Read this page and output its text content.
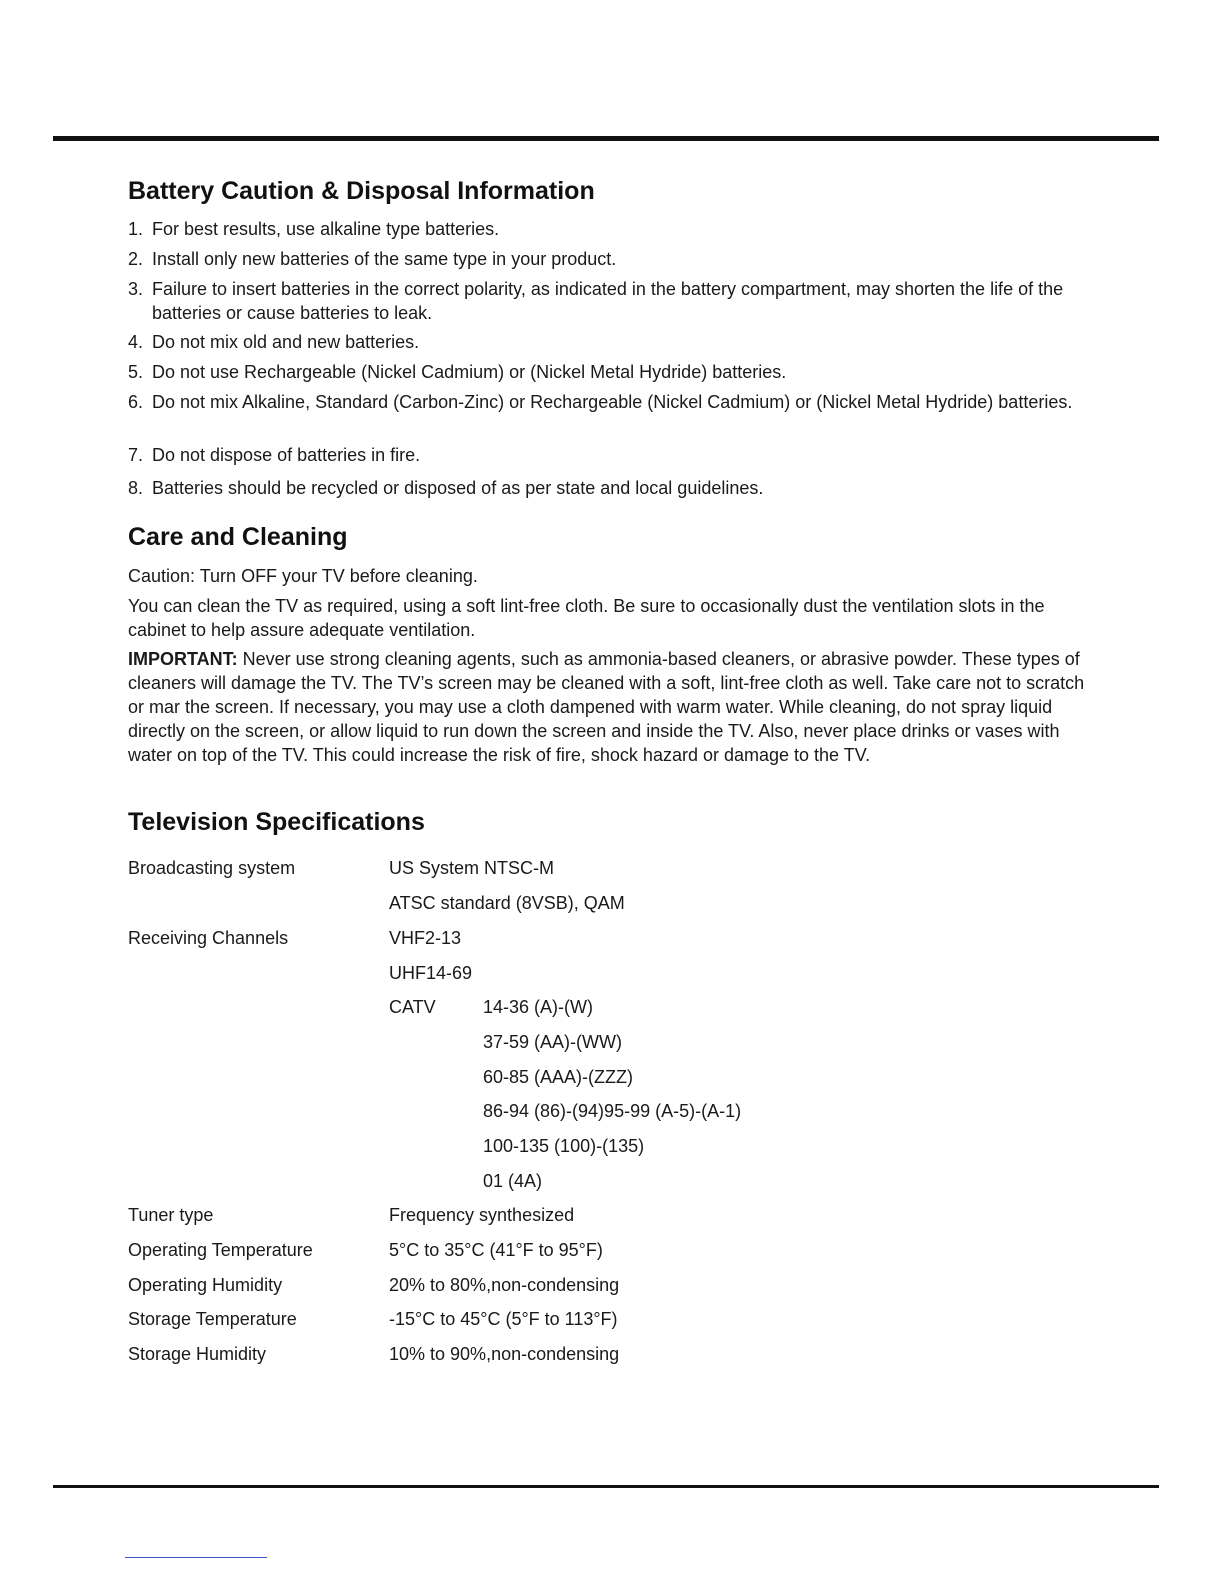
Battery Caution & Disposal Information
1. For best results, use alkaline type batteries.
2. Install only new batteries of the same type in your product.
3. Failure to insert batteries in the correct polarity, as indicated in the battery compartment, may shorten the life of the batteries or cause batteries to leak.
4. Do not mix old and new batteries.
5. Do not use Rechargeable (Nickel Cadmium) or (Nickel Metal Hydride) batteries.
6. Do not mix Alkaline, Standard (Carbon-Zinc) or Rechargeable (Nickel Cadmium) or (Nickel Metal Hydride) batteries.
7. Do not dispose of batteries in fire.
8. Batteries should be recycled or disposed of as per state and local guidelines.
Care and Cleaning
Caution: Turn OFF your TV before cleaning.
You can clean the TV as required, using a soft lint-free cloth. Be sure to occasionally dust the ventilation slots in the cabinet to help assure adequate ventilation.
IMPORTANT: Never use strong cleaning agents, such as ammonia-based cleaners, or abrasive powder. These types of cleaners will damage the TV. The TV’s screen may be cleaned with a soft, lint-free cloth as well. Take care not to scratch or mar the screen. If necessary, you may use a cloth dampened with warm water. While cleaning, do not spray liquid directly on the screen, or allow liquid to run down the screen and inside the TV. Also, never place drinks or vases with water on top of the TV. This could increase the risk of fire, shock hazard or damage to the TV.
Television Specifications
Broadcasting system	US System NTSC-M
ATSC standard (8VSB), QAM
Receiving Channels	VHF2-13
UHF14-69
CATV	14-36 (A)-(W)
37-59 (AA)-(WW)
60-85 (AAA)-(ZZZ)
86-94 (86)-(94)95-99 (A-5)-(A-1)
100-135 (100)-(135)
01 (4A)
Tuner type	Frequency synthesized
Operating Temperature	5°C to 35°C (41°F to 95°F)
Operating Humidity	20% to 80%,non-condensing
Storage Temperature	-15°C to 45°C (5°F to 113°F)
Storage Humidity	10% to 90%,non-condensing
